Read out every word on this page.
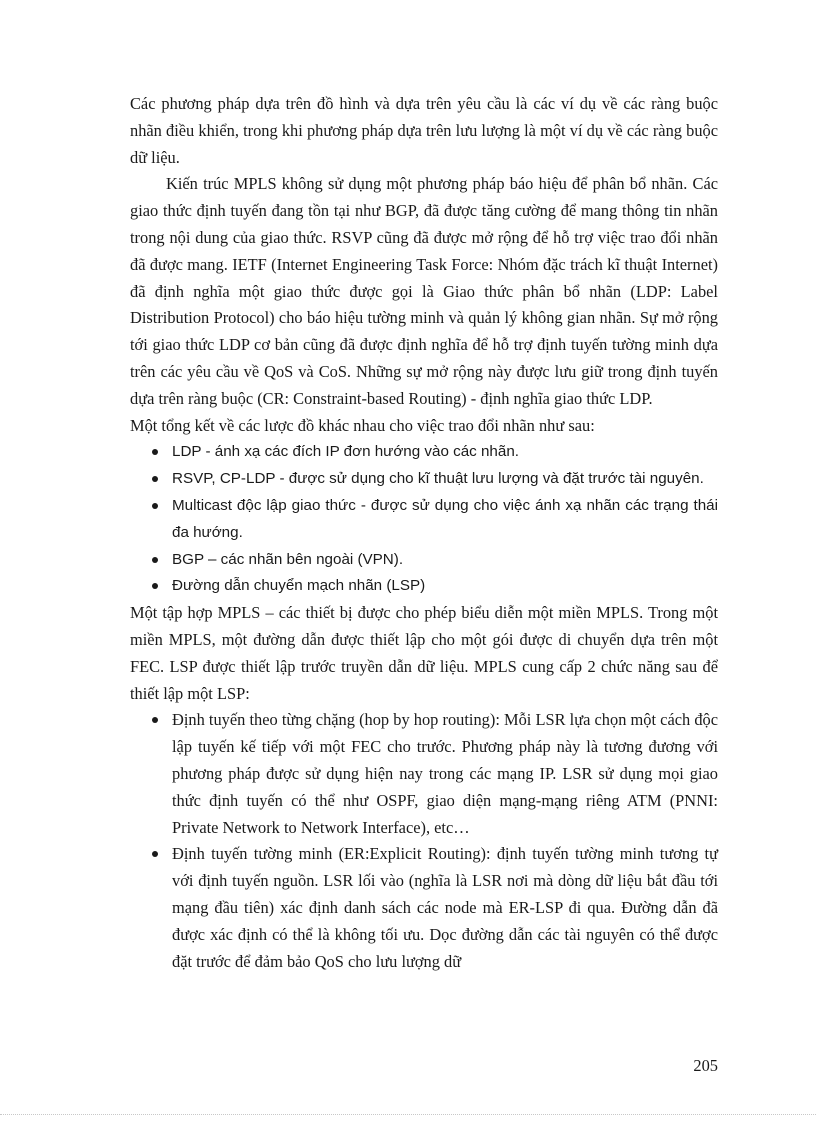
Các phương pháp dựa trên đồ hình và dựa trên yêu cầu là các ví dụ về các ràng buộc nhãn điều khiển, trong khi phương pháp dựa trên lưu lượng là một ví dụ về các ràng buộc dữ liệu.

Kiến trúc MPLS không sử dụng một phương pháp báo hiệu để phân bổ nhãn. Các giao thức định tuyến đang tồn tại như BGP, đã được tăng cường để mang thông tin nhãn trong nội dung của giao thức. RSVP cũng đã được mở rộng để hỗ trợ việc trao đổi nhãn đã được mang. IETF (Internet Engineering Task Force: Nhóm đặc trách kĩ thuật Internet) đã định nghĩa một giao thức được gọi là Giao thức phân bổ nhãn (LDP: Label Distribution Protocol) cho báo hiệu tường minh và quản lý không gian nhãn. Sự mở rộng tới giao thức LDP cơ bản cũng đã được định nghĩa để hỗ trợ định tuyến tường minh dựa trên các yêu cầu về QoS và CoS. Những sự mở rộng này được lưu giữ trong định tuyến dựa trên ràng buộc (CR: Constraint-based Routing) - định nghĩa giao thức LDP.

Một tổng kết về các lược đồ khác nhau cho việc trao đổi nhãn như sau:

LDP - ánh xạ các đích IP đơn hướng vào các nhãn.
RSVP, CP-LDP - được sử dụng cho kĩ thuật lưu lượng và đặt trước tài nguyên.
Multicast độc lập giao thức - được sử dụng cho việc ánh xạ nhãn các trạng thái đa hướng.
BGP – các nhãn bên ngoài (VPN).
Đường dẫn chuyển mạch nhãn (LSP)

Một tập hợp MPLS – các thiết bị được cho phép biểu diễn một miền MPLS. Trong một miền MPLS, một đường dẫn được thiết lập cho một gói được di chuyển dựa trên một FEC. LSP được thiết lập trước truyền dẫn dữ liệu. MPLS cung cấp 2 chức năng sau để thiết lập một LSP:

Định tuyến theo từng chặng (hop by hop routing): Mỗi LSR lựa chọn một cách độc lập tuyến kế tiếp với một FEC cho trước. Phương pháp này là tương đương với phương pháp được sử dụng hiện nay trong các mạng IP. LSR sử dụng mọi giao thức định tuyến có thể như OSPF, giao diện mạng-mạng riêng ATM (PNNI: Private Network to Network Interface), etc…
Định tuyến tường minh (ER:Explicit Routing): định tuyến tường minh tương tự với định tuyến nguồn. LSR lối vào (nghĩa là LSR nơi mà dòng dữ liệu bắt đầu tới mạng đầu tiên) xác định danh sách các node mà ER-LSP đi qua. Đường dẫn đã được xác định có thể là không tối ưu. Dọc đường dẫn các tài nguyên có thể được đặt trước để đảm bảo QoS cho lưu lượng dữ
205
